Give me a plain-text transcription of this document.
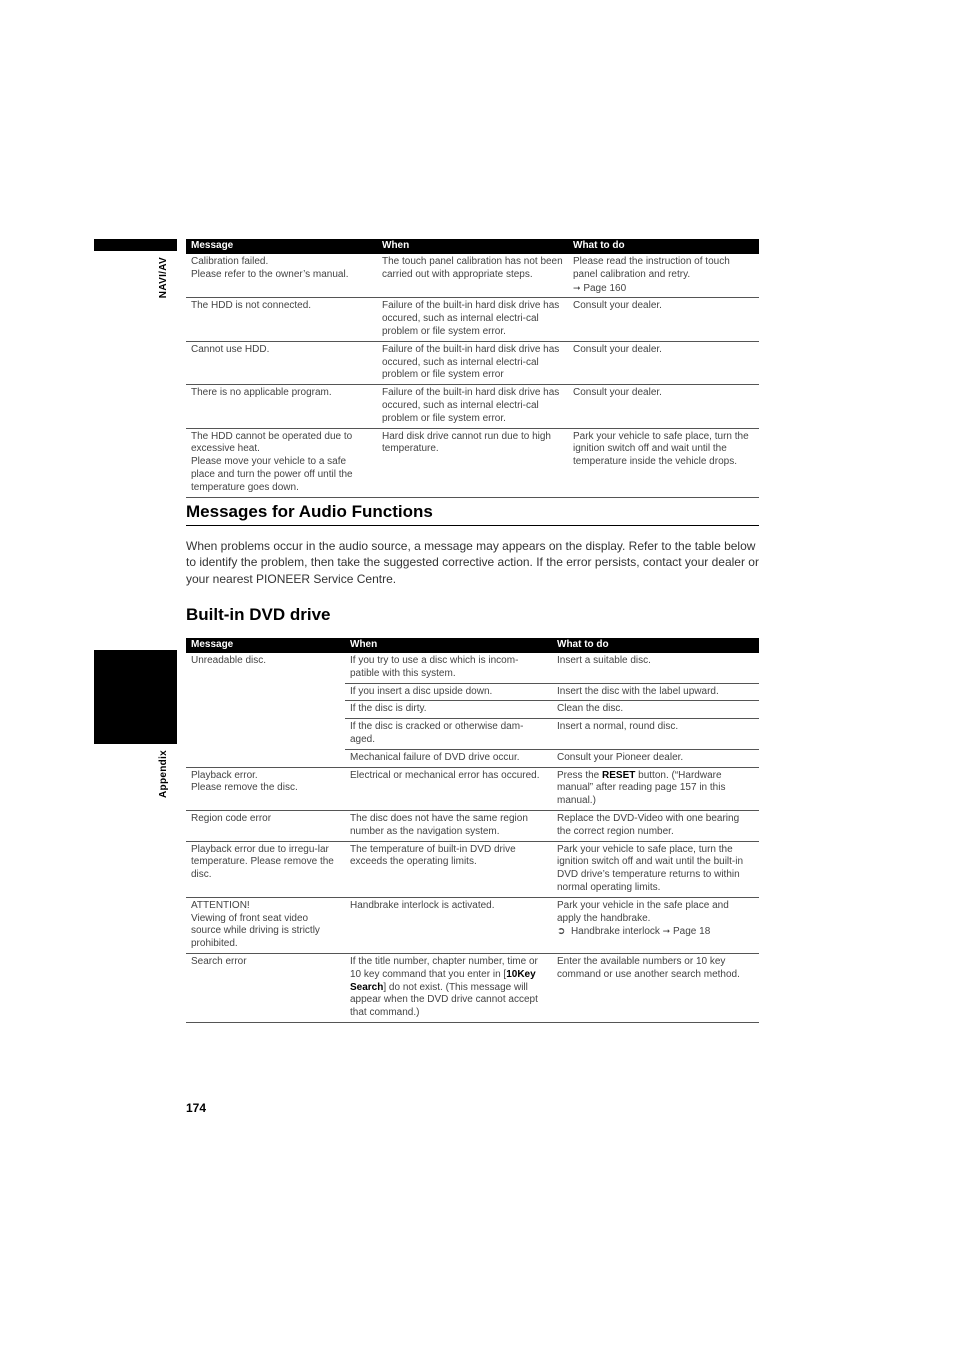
NAVI/AV
Appendix
Message	When	What to do
Calibration failed.
Please refer to the owner’s manual.	The touch panel calibration has not been carried out with appropriate steps.	Please read the instruction of touch panel calibration and retry.
➞ Page 160
The HDD is not connected.	Failure of the built-in hard disk drive has occured, such as internal electri-cal problem or file system error.	Consult your dealer.
Cannot use HDD.	Failure of the built-in hard disk drive has occured, such as internal electri-cal problem or file system error	Consult your dealer.
There is no applicable program.	Failure of the built-in hard disk drive has occured, such as internal electri-cal problem or file system error.	Consult your dealer.
The HDD cannot be operated due to excessive heat.
Please move your vehicle to a safe place and turn the power off until the temperature goes down.	Hard disk drive cannot run due to high temperature.	Park your vehicle to safe place, turn the ignition switch off and wait until the temperature inside the vehicle drops.
Messages for Audio Functions
When problems occur in the audio source, a message may appears on the display. Refer to the table below to identify the problem, then take the suggested corrective action. If the error persists, contact your dealer or your nearest PIONEER Service Centre.
Built-in DVD drive
Message	When	What to do
Unreadable disc.	If you try to use a disc which is incom-patible with this system.	Insert a suitable disc.
	If you insert a disc upside down.	Insert the disc with the label upward.
	If the disc is dirty.	Clean the disc.
	If the disc is cracked or otherwise dam-aged.	Insert a normal, round disc.
	Mechanical failure of DVD drive occur.	Consult your Pioneer dealer.
Playback error.
Please remove the disc.	Electrical or mechanical error has occured.	Press the RESET button. (“Hardware manual” after reading page 157 in this manual.)
Region code error	The disc does not have the same region number as the navigation system.	Replace the DVD-Video with one bearing the correct region number.
Playback error due to irregu-lar temperature. Please remove the disc.	The temperature of built-in DVD drive exceeds the operating limits.	Park your vehicle to safe place, turn the ignition switch off and wait until the built-in DVD drive’s temperature returns to within normal operating limits.
ATTENTION!
Viewing of front seat video source while driving is strictly prohibited.	Handbrake interlock is activated.	Park your vehicle in the safe place and apply the handbrake.
➲ Handbrake interlock ➞ Page 18
Search error	If the title number, chapter number, time or 10 key command that you enter in [10Key Search] do not exist. (This message will appear when the DVD drive cannot accept that command.)	Enter the available numbers or 10 key command or use another search method.
174
